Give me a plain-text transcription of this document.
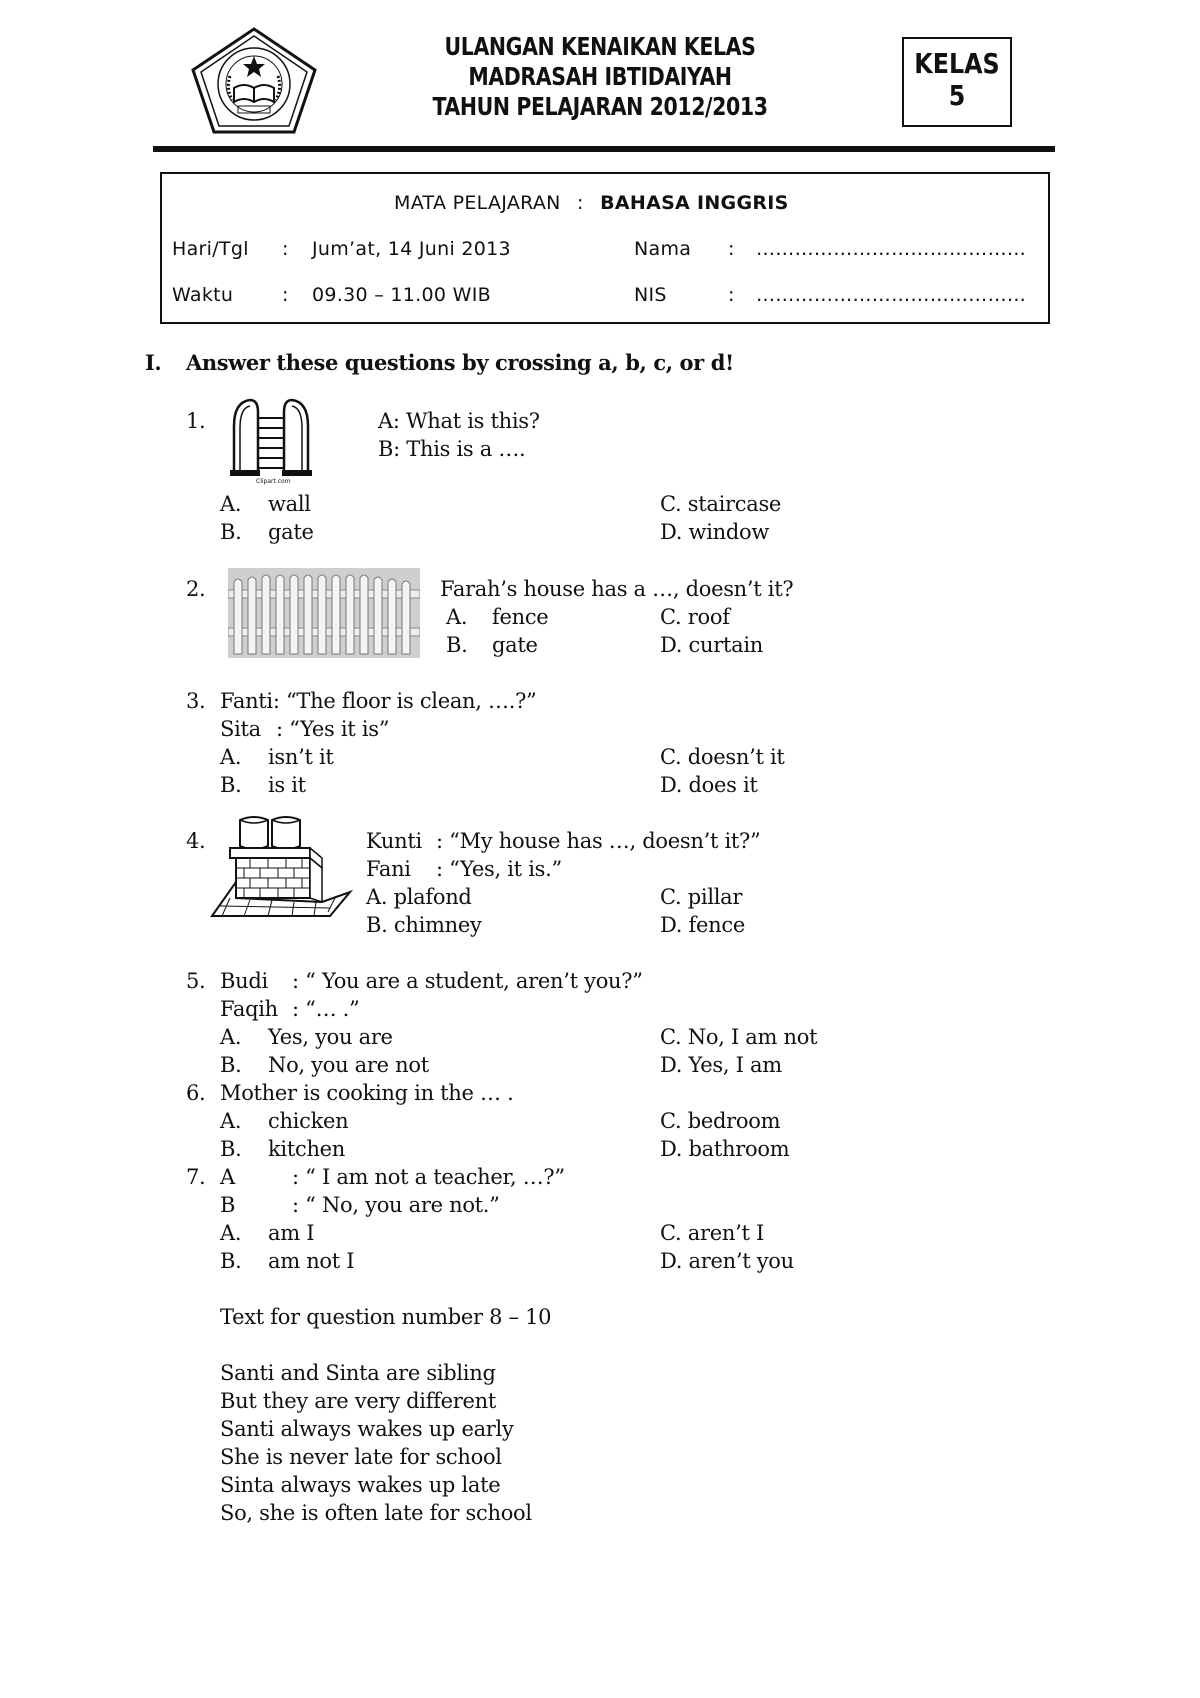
ULANGAN KENAIKAN KELAS
MADRASAH IBTIDAIYAH
TAHUN PELAJARAN 2012/2013
KELAS
5
MATA PELAJARAN : BAHASA INGGRIS
Hari/Tgl : Jum’at, 14 Juni 2013	Nama : ……………………………………
Waktu	: 09.30 – 11.00 WIB	NIS	: ……………………………………
I. Answer these questions by crossing a, b, c, or d!
1.
Clipart.com
A: What is this?
B: This is a ….
A. wall
B. gate
C. staircase
D. window
2.	Farah’s house has a …, doesn’t it?
A. fence
B. gate
C. roof
D. curtain
3. Fanti: “The floor is clean, ….?”
Sita : “Yes it is”
A. isn’t it
B. is it
C. doesn’t it
D. does it
4.	Kunti : “My house has …, doesn’t it?”
Fani : “Yes, it is.”
A. plafond
B. chimney
C. pillar
D. fence
5. Budi : “ You are a student, aren’t you?”
Faqih : “… .”
A. Yes, you are
B. No, you are not
C. No, I am not
D. Yes, I am
6. Mother is cooking in the … .
A. chicken
B. kitchen
C. bedroom
D. bathroom
7. A	: “ I am not a teacher, …?”
B	: “ No, you are not.”
A. am I
B. am not I
C. aren’t I
D. aren’t you
Text for question number 8 – 10
Santi and Sinta are sibling
But they are very different
Santi always wakes up early
She is never late for school
Sinta always wakes up late
So, she is often late for school
